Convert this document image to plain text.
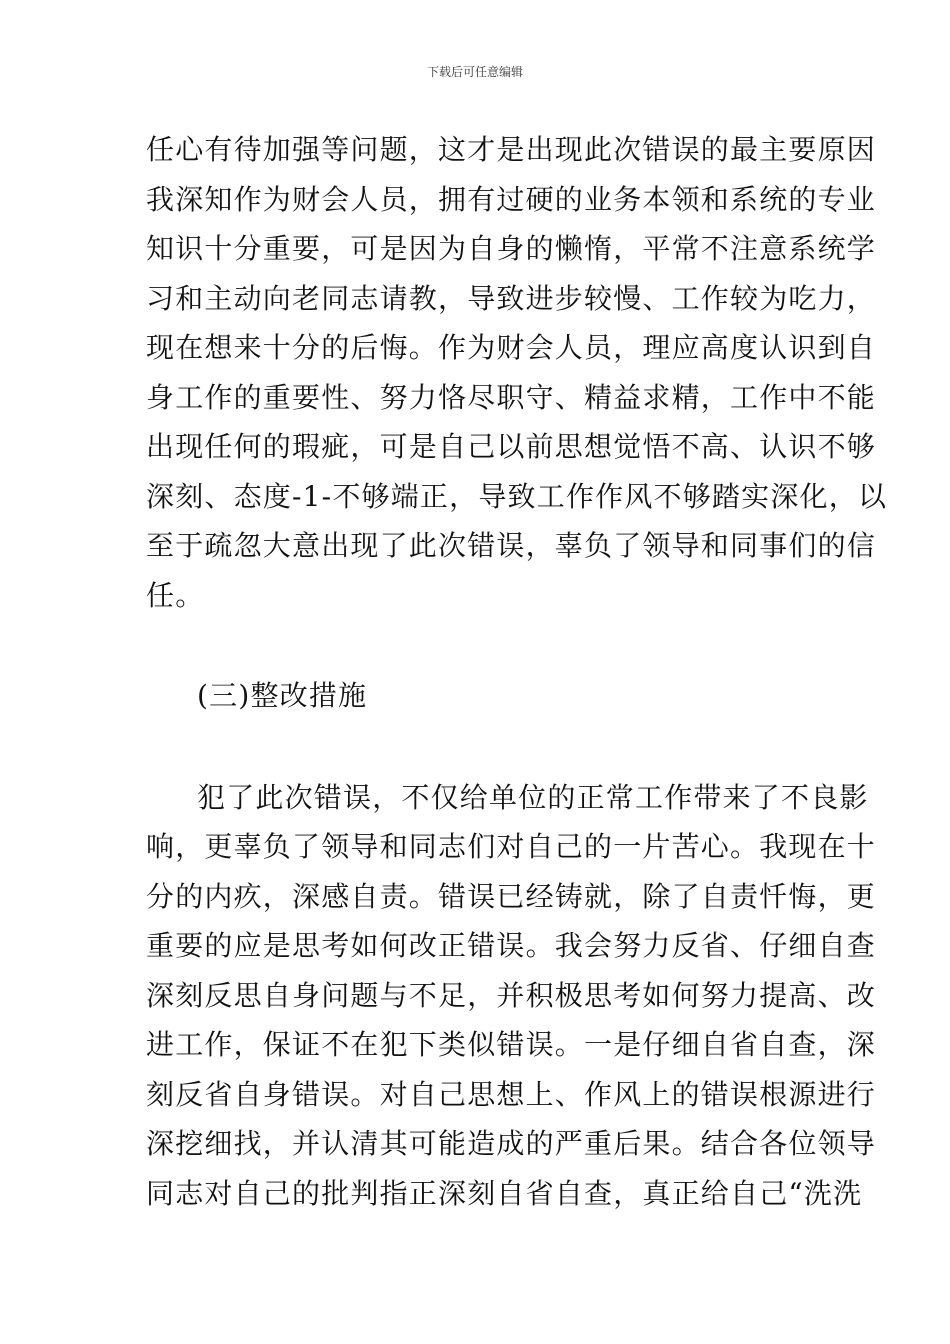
下载后可任意编辑
任心有待加强等问题，这才是出现此次错误的最主要原因
我深知作为财会人员，拥有过硬的业务本领和系统的专业
知识十分重要，可是因为自身的懒惰，平常不注意系统学
习和主动向老同志请教，导致进步较慢、工作较为吃力，
现在想来十分的后悔。作为财会人员，理应高度认识到自
身工作的重要性、努力恪尽职守、精益求精，工作中不能
出现任何的瑕疵，可是自己以前思想觉悟不高、认识不够
深刻、态度-1-不够端正，导致工作作风不够踏实深化，以
至于疏忽大意出现了此次错误，辜负了领导和同事们的信
任。
(三)整改措施
犯了此次错误，不仅给单位的正常工作带来了不良影
响，更辜负了领导和同志们对自己的一片苦心。我现在十
分的内疚，深感自责。错误已经铸就，除了自责忏悔，更
重要的应是思考如何改正错误。我会努力反省、仔细自查
深刻反思自身问题与不足，并积极思考如何努力提高、改
进工作，保证不在犯下类似错误。一是仔细自省自查，深
刻反省自身错误。对自己思想上、作风上的错误根源进行
深挖细找，并认清其可能造成的严重后果。结合各位领导
同志对自己的批判指正深刻自省自查，真正给自己“洗洗
